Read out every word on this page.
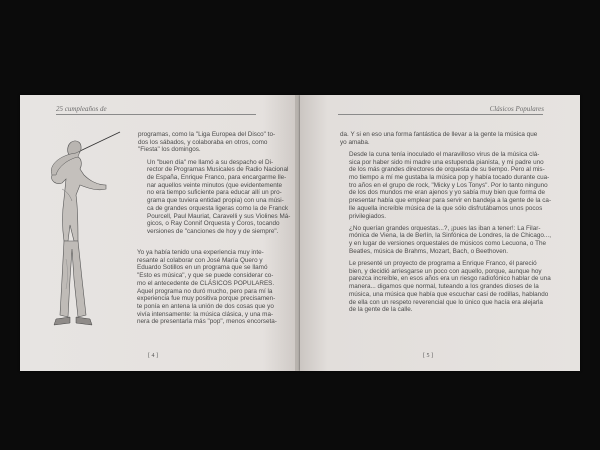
25 cumpleaños de

programas, como la "Liga Europea del Disco" to-
dos los sábados, y colaboraba en otros, como
"Fiesta" los domingos.

Un "buen día" me llamó a su despacho el Di-
rector de Programas Musicales de Radio Nacional
de España, Enrique Franco, para encargarme lle-
nar aquellos veinte minutos (que evidentemente
no era tiempo suficiente para educar allí un pro-
grama que tuviera entidad propia) con una músi-
ca de grandes orquesta ligeras como la de Franck
Pourcell, Paul Mauriat, Caravelli y sus Violines Má-
gicos, o Ray Connif Orquesta y Coros, tocando
versiones de "canciones de hoy y de siempre".

Yo ya había tenido una experiencia muy inte-
resante al colaborar con José María Quero y
Eduardo Sotillos en un programa que se llamó
"Esto es música", y que se puede considerar co-
mo el antecedente de CLÁSICOS POPULARES.
Aquel programa no duró mucho, pero para mí la
experiencia fue muy positiva porque precisamen-
te ponía en antena la unión de dos cosas que yo
vivía intensamente: la música clásica, y una ma-
nera de presentarla más "pop", menos encorseta-

[ 4 ]
Clásicos Populares

da. Y si en eso una forma fantástica de llevar a la gente la música que
yo amaba.

Desde la cuna tenía inoculado el maravilloso virus de la música clá-
sica por haber sido mi madre una estupenda pianista, y mi padre uno
de los más grandes directores de orquesta de su tiempo. Pero al mis-
mo tiempo a mí me gustaba la música pop y había tocado durante cua-
tro años en el grupo de rock, "Micky y Los Tonys". Por lo tanto ninguno
de los dos mundos me eran ajenos y yo sabía muy bien que forma de
presentar había que emplear para servir en bandeja a la gente de la ca-
lle aquella increíble música de la que sólo disfrutábamos unos pocos
privilegiados.

¿No querían grandes orquestas...?, ¡pues las iban a tener!: La Filar-
mónica de Viena, la de Berlín, la Sinfónica de Londres, la de Chicago...,
y en lugar de versiones orquestales de músicos como Lecuona, o The
Beatles, música de Brahms, Mozart, Bach, o Beethoven.

Le presenté un proyecto de programa a Enrique Franco, él pareció
bien, y decidió arriesgarse un poco con aquello, porque, aunque hoy
parezca increíble, en esos años era un riesgo radiofónico hablar de una
manera... digamos que normal, tuteando a los grandes dioses de la
música, una música que había que escuchar casi de rodillas, hablando
de ella con un respeto reverencial que lo único que hacía era alejarla
de la gente de la calle.

[ 5 ]
